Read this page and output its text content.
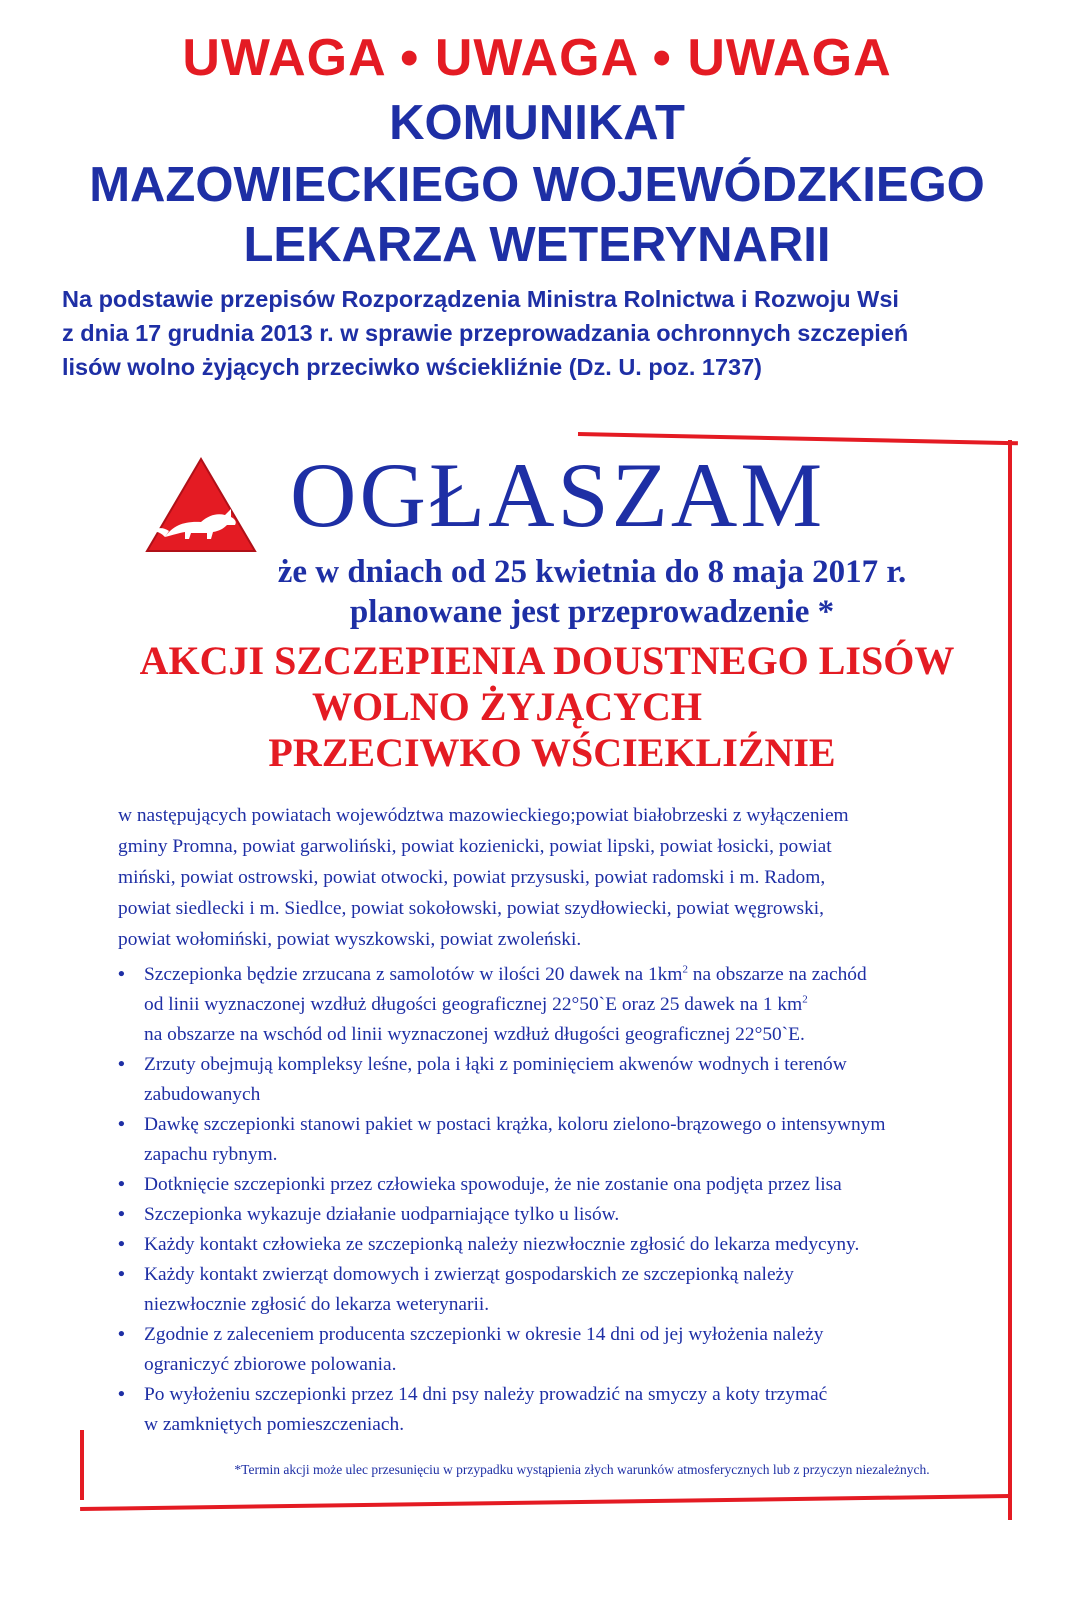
UWAGA • UWAGA • UWAGA
KOMUNIKAT
MAZOWIECKIEGO WOJEWÓDZKIEGO
LEKARZA WETERYNARII
Na podstawie przepisów Rozporządzenia Ministra Rolnictwa i Rozwoju Wsi
z dnia 17 grudnia 2013 r. w sprawie przeprowadzania ochronnych szczepień
lisów wolno żyjących przeciwko wściekliźnie (Dz. U. poz. 1737)
OGŁASZAM
że w dniach od 25 kwietnia do 8 maja 2017 r.
planowane jest przeprowadzenie *
AKCJI SZCZEPIENIA DOUSTNEGO LISÓW
WOLNO ŻYJĄCYCH
PRZECIWKO WŚCIEKLIŹNIE
w następujących powiatach województwa mazowieckiego;powiat białobrzeski z wyłączeniem
gminy Promna, powiat garwoliński, powiat kozienicki, powiat lipski, powiat łosicki, powiat
miński, powiat ostrowski, powiat otwocki, powiat przysuski, powiat radomski i m. Radom,
powiat siedlecki i m. Siedlce, powiat sokołowski, powiat szydłowiecki, powiat węgrowski,
powiat wołomiński, powiat wyszkowski, powiat zwoleński.
• Szczepionka będzie zrzucana z samolotów w ilości 20 dawek na $1km^2$ na obszarze na zachód
od linii wyznaczonej wzdłuż długości geograficznej 22°50`E oraz 25 dawek na 1 $km^2$
na obszarze na wschód od linii wyznaczonej wzdłuż długości geograficznej 22°50`E.
• Zrzuty obejmują kompleksy leśne, pola i łąki z pominięciem akwenów wodnych i terenów
zabudowanych
• Dawkę szczepionki stanowi pakiet w postaci krążka, koloru zielono-brązowego o intensywnym
zapachu rybnym.
• Dotknięcie szczepionki przez człowieka spowoduje, że nie zostanie ona podjęta przez lisa
• Szczepionka wykazuje działanie uodparniające tylko u lisów.
• Każdy kontakt człowieka ze szczepionką należy niezwłocznie zgłosić do lekarza medycyny.
• Każdy kontakt zwierząt domowych i zwierząt gospodarskich ze szczepionką należy
niezwłocznie zgłosić do lekarza weterynarii.
• Zgodnie z zaleceniem producenta szczepionki w okresie 14 dni od jej wyłożenia należy
ograniczyć zbiorowe polowania.
• Po wyłożeniu szczepionki przez 14 dni psy należy prowadzić na smyczy a koty trzymać
w zamkniętych pomieszczeniach.
*Termin akcji może ulec przesunięciu w przypadku wystąpienia złych warunków atmosferycznych lub z przyczyn niezależnych.
